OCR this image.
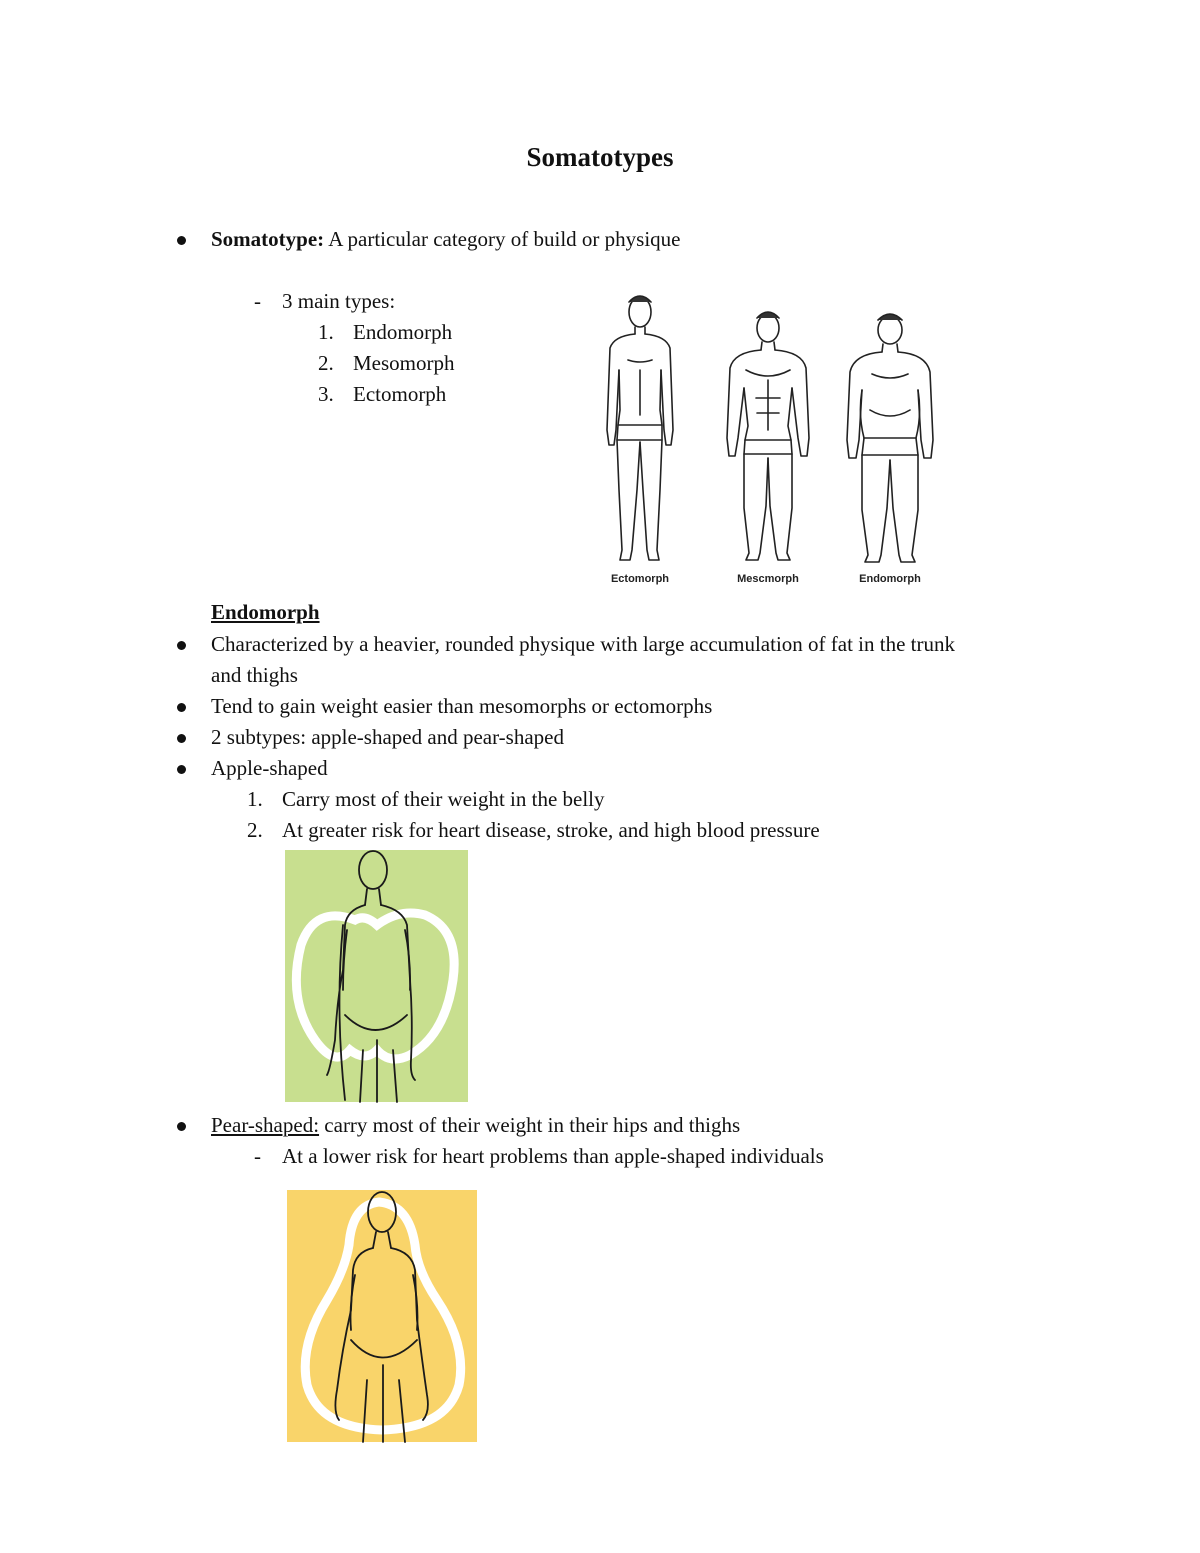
Somatotypes
Somatotype: A particular category of build or physique
- 3 main types:
1. Endomorph
2. Mesomorph
3. Ectomorph
Ectomorph	Mescmorph	Endomorph
Endomorph
Characterized by a heavier, rounded physique with large accumulation of fat in the trunk
and thighs
Tend to gain weight easier than mesomorphs or ectomorphs
2 subtypes: apple-shaped and pear-shaped
Apple-shaped
1. Carry most of their weight in the belly
2. At greater risk for heart disease, stroke, and high blood pressure
Pear-shaped: carry most of their weight in their hips and thighs
- At a lower risk for heart problems than apple-shaped individuals
